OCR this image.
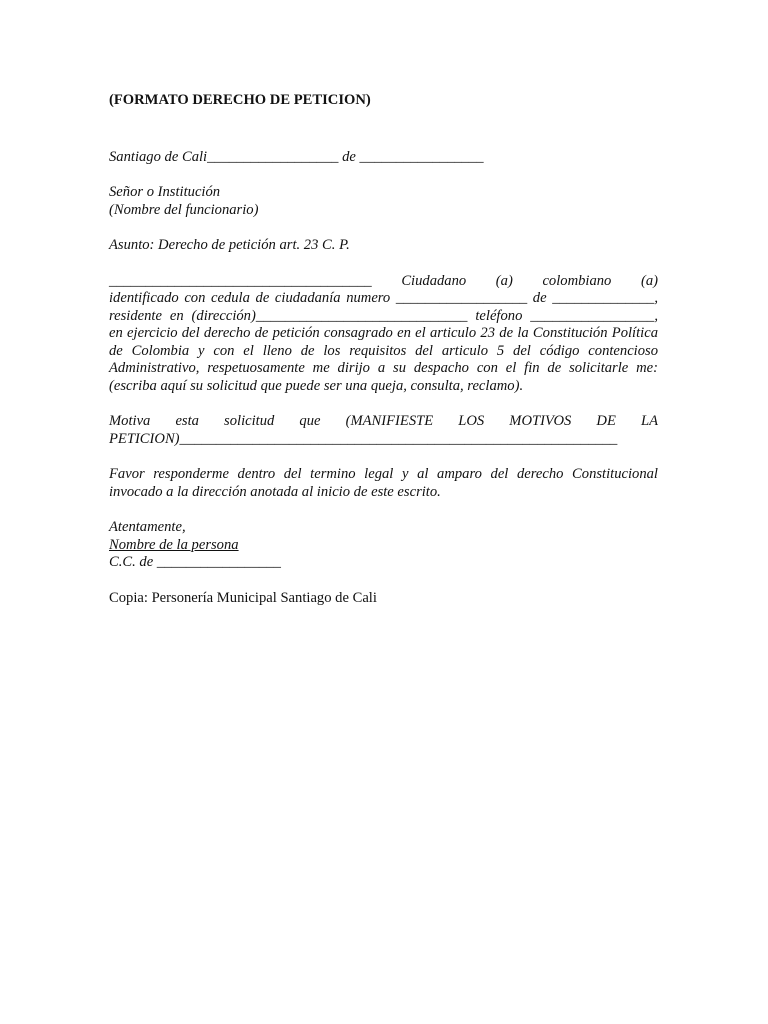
(FORMATO DERECHO DE PETICION)

Santiago de Cali__________________ de _________________

Señor o Institución

(Nombre del funcionario)

Asunto: Derecho de petición art. 23 C. P.

____________________________________ Ciudadano (a) colombiano (a)

identificado con cedula de ciudadanía numero __________________ de ______________, residente en (dirección)_____________________________ teléfono _________________, en ejercicio del derecho de petición consagrado en el articulo 23 de la Constitución Política de Colombia y con el lleno de los requisitos del articulo 5 del código contencioso Administrativo, respetuosamente me dirijo a su despacho con el fin de solicitarle me: (escriba aquí su solicitud que puede ser una queja, consulta, reclamo).

Motiva esta solicitud que (MANIFIESTE LOS MOTIVOS DE LA

PETICION)____________________________________________________________

Favor responderme dentro del termino legal y al amparo del derecho Constitucional invocado a la dirección anotada al inicio de este escrito.

Atentamente,

Nombre de la persona

C.C. de _________________

Copia: Personería Municipal Santiago de Cali
